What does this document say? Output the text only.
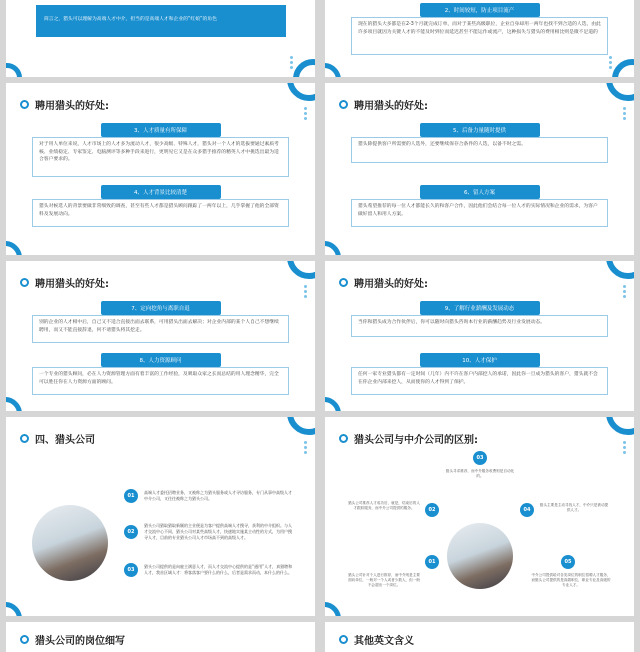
简言之，猎头可以理解为高端人才中介，担当的是高端人才和企业的“红娘”的角色
2、时间较短，防止项目流产
现在的猎头大多都是在2-3个月就完成订单，而对于某些高级职位，企业自身却用一两年也找不到合适的人选，由此许多项目就因为关键人才的不能及时到位而延迟甚至不能运作或流产，这种损失与猎头的费用相比则是微不足道的
聘用猎头的好处:
3、人才质量有所保障
对于用人单位来说，人才市场上的人才多为流动人才，很少高级、特殊人才，猎头对一个人才的选拔要通过素质考核、业绩稳定、专家鉴定、电脑测评等多种手段来进行，更明见它又是在众多猎手推荐的精英人才中挑选出最为适合客户要求的。
4、人才背景比较清楚
猎头对候选人的背景要做非常细致的调查，甚至有些人才都是猎头顾问跟踪了一两年以上，几乎掌握了他的全部资料及发展动向。
聘用猎头的好处:
5、后备力量随时提供
猎头除提供客户所需要的人选外，还要继续保存合条件的人选，以备不时之需。
6、留人方案
猎头希望推荐的每一位人才都能长久的和客户合作，因此他们会结合每一位人才的实际情况和企业的需求，为客户做好留人和用人方案。
聘用猎头的好处:
7、定向挖角与离职自退
别的企业的人才相中后，自己又不适合直接出面去联系，可用猎头出面去解决；对企业内部的某个人自己不想继续聘用，而又不能直接辞退，何不请猎头将其挖走。
8、人力资源顾问
一个专业的猎头顾问，必在人力资源管理方面有着丰富的工作经验，及吸取众家之长而总结的用人理念精华，完全可以胜任你在人力资源方面的顾问。
聘用猎头的好处:
9、了解行业薪酬及发展动态
当你和猎头成为合作伙伴后，你可以随时向猎头咨询本行业的薪酬趋势及行业发展动态。
10、人才保护
任何一家专业猎头都有一定时间（几年）内不许在客户内部挖人的承诺，因此你一旦成为猎头的客户，猎头就不会在你企业内部来挖人，从而使你的人才得到了保护。
四、猎头公司
01
高端人才委托招聘业务，又被称之为猎头服务或人才寻访服务，专门从事中高级人才中介公司，又往往被称之为猎头公司。
02
猎头公司猎取猎取新颖的主业便是为客户提供高端人才搜寻，获利的中介组织。与人才交流中心不同，猎头公司对某些高级人才，快速地实施某主动性的方式，为用户搜寻人才，目前的专业猎头公司人才市场高不到的高级人才。
03
猎头公司提供的是向雇主满意人才，而人才交流中心提供的是“通用”人才，真猎聘和人才，我首区域人才：将客落客户要什么的什么，后者是需求而动，本什么的什么。
猎头公司与中介公司的区别:
03
猎头寻求推荐，而中介服务收费则是自动化的。
02
猎头公司推荐人才成功后，就是，结束后的人才跟踪服务，而中介公司提供的服务。	04
猎头主要是主动寻找人才，中介只是被动提供人才。
01
猎头公司针对个人进行推荐，而中介则是主要面向单位，一般对一个人或者少数人，但一般不会超出一个岗位。
05
中介公司提供给对各类岗位的职位招聘人才服务，而猎头公司提供的是高端职位，职业专业及高级的专业人才。
猎头公司的岗位细写	其他英文含义
